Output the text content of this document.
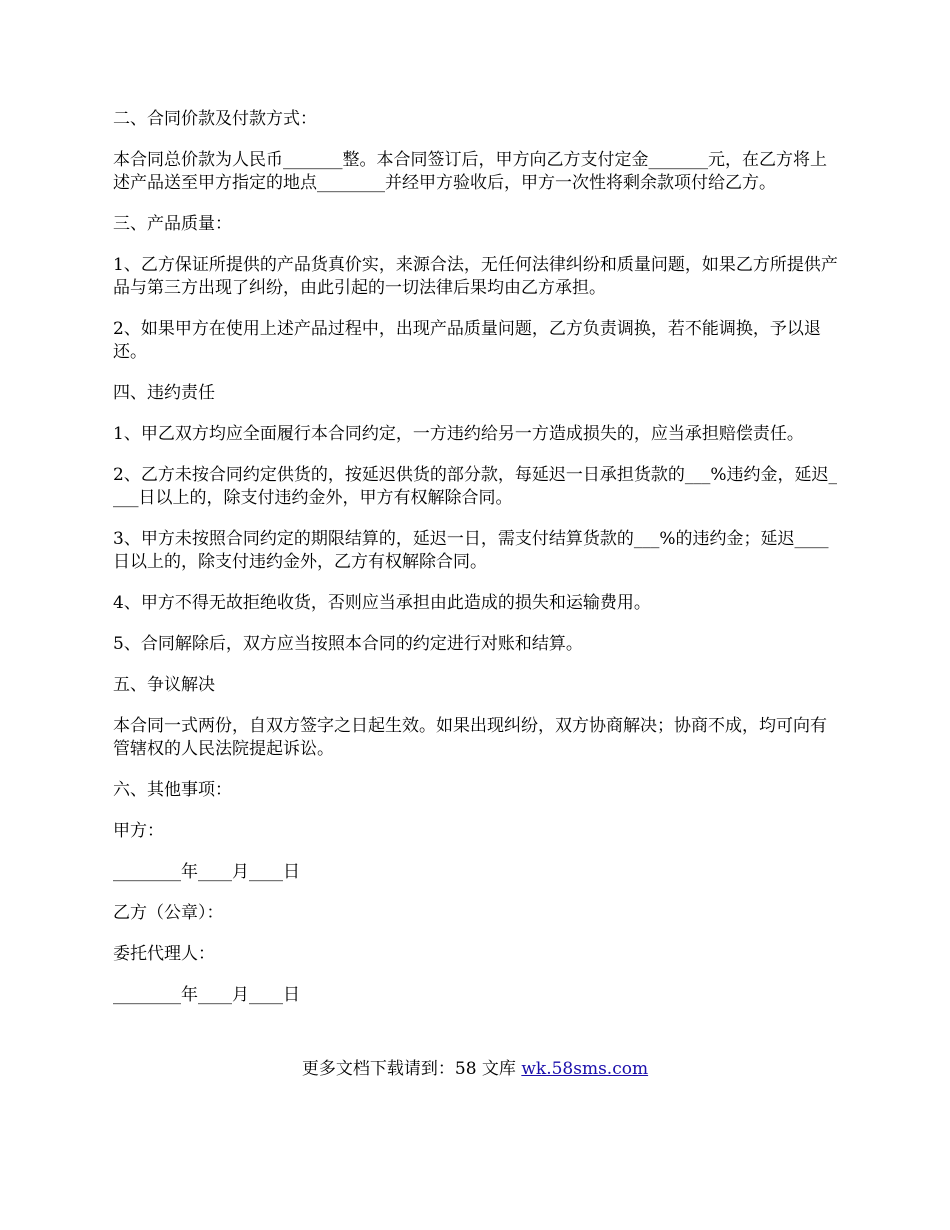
二、合同价款及付款方式：

本合同总价款为人民币_______整。本合同签订后，甲方向乙方支付定金_______元，在乙方将上述产品送至甲方指定的地点________并经甲方验收后，甲方一次性将剩余款项付给乙方。

三、产品质量：

1、乙方保证所提供的产品货真价实，来源合法，无任何法律纠纷和质量问题，如果乙方所提供产品与第三方出现了纠纷，由此引起的一切法律后果均由乙方承担。

2、如果甲方在使用上述产品过程中，出现产品质量问题，乙方负责调换，若不能调换，予以退还。

四、违约责任

1、甲乙双方均应全面履行本合同约定，一方违约给另一方造成损失的，应当承担赔偿责任。

2、乙方未按合同约定供货的，按延迟供货的部分款，每延迟一日承担货款的___%违约金，延迟____日以上的，除支付违约金外，甲方有权解除合同。

3、甲方未按照合同约定的期限结算的，延迟一日，需支付结算货款的___%的违约金；延迟____日以上的，除支付违约金外，乙方有权解除合同。

4、甲方不得无故拒绝收货，否则应当承担由此造成的损失和运输费用。

5、合同解除后，双方应当按照本合同的约定进行对账和结算。

五、争议解决

本合同一式两份，自双方签字之日起生效。如果出现纠纷，双方协商解决；协商不成，均可向有管辖权的人民法院提起诉讼。

六、其他事项：

甲方：

________年____月____日

乙方（公章）：

委托代理人：

________年____月____日

更多文档下载请到：58 文库 wk.58sms.com
